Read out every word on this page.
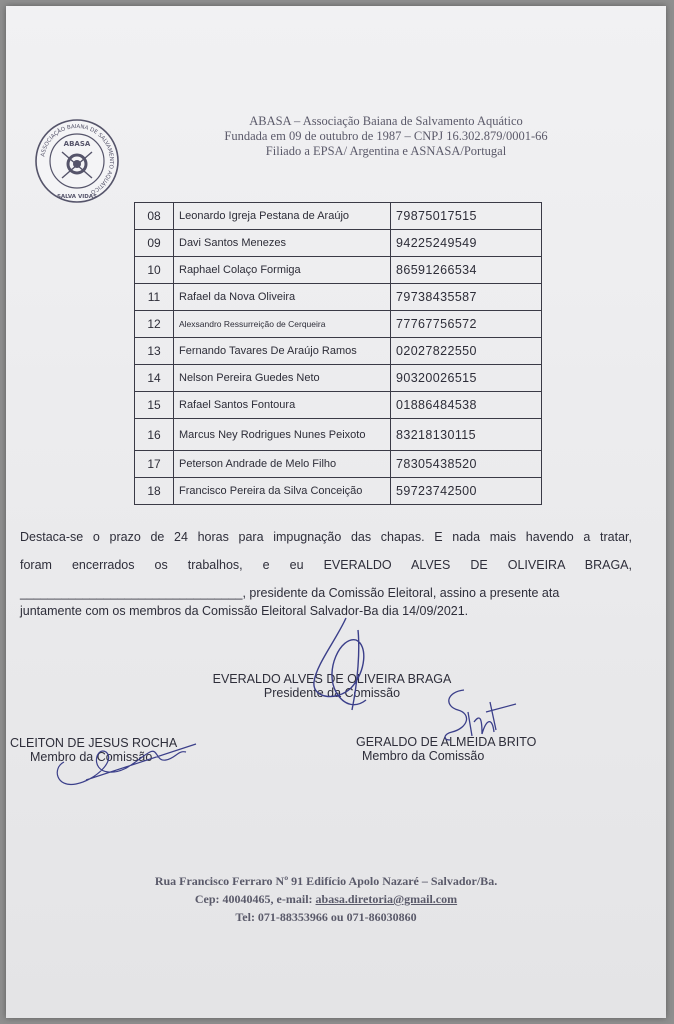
ASSOCIAÇÃO BAIANA DE SALVAMENTO AQUÁTICO
ABASA
SALVA VIDAS
ABASA – Associação Baiana de Salvamento Aquático
Fundada em 09 de outubro de 1987 – CNPJ 16.302.879/0001-66
Filiado a EPSA/ Argentina e ASNASA/Portugal
08	Leonardo Igreja Pestana de Araújo	79875017515
09	Davi Santos Menezes	94225249549
10	Raphael Colaço Formiga	86591266534
11	Rafael da Nova Oliveira	79738435587
12	Alexsandro Ressurreição de Cerqueira	77767756572
13	Fernando Tavares De Araújo Ramos	02027822550
14	Nelson Pereira Guedes Neto	90320026515
15	Rafael Santos Fontoura	01886484538
16	Marcus Ney Rodrigues Nunes Peixoto	83218130115
17	Peterson Andrade de Melo Filho	78305438520
18	Francisco Pereira da Silva Conceição	59723742500
Destaca-se o prazo de 24 horas para impugnação das chapas. E nada mais havendo a tratar,
foram encerrados os trabalhos, e eu EVERALDO ALVES DE OLIVEIRA BRAGA,
________________________________, presidente da Comissão Eleitoral, assino a presente ata
juntamente com os membros da Comissão Eleitoral Salvador-Ba dia 14/09/2021.
EVERALDO ALVES DE OLIVEIRA BRAGA
Presidente da Comissão
CLEITON DE JESUS ROCHA
Membro da Comissão
GERALDO DE ALMEIDA BRITO
Membro da Comissão
Rua Francisco Ferraro Nº 91 Edifício Apolo Nazaré – Salvador/Ba.
Cep: 40040465, e-mail: abasa.diretoria@gmail.com
Tel: 071-88353966 ou 071-86030860
